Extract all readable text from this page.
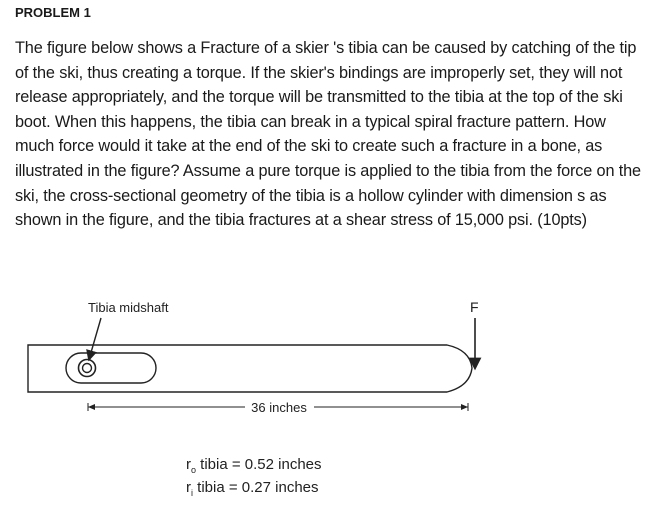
PROBLEM 1

The figure below shows a Fracture of a skier 's tibia can be caused by catching of the tip of the ski, thus creating a torque. If the skier's bindings are improperly set, they will not release appropriately, and the torque will be transmitted to the tibia at the top of the ski boot. When this happens, the tibia can break in a typical spiral fracture pattern. How much force would it take at the end of the ski to create such a fracture in a bone, as illustrated in the figure? Assume a pure torque is applied to the tibia from the force on the ski, the cross-sectional geometry of the tibia is a hollow cylinder with dimension s as shown in the figure, and the tibia fractures at a shear stress of 15,000 psi. (10pts)

Tibia midshaft	F
36 inches

$r_o$ tibia = 0.52 inches

$r_i$ tibia = 0.27 inches
